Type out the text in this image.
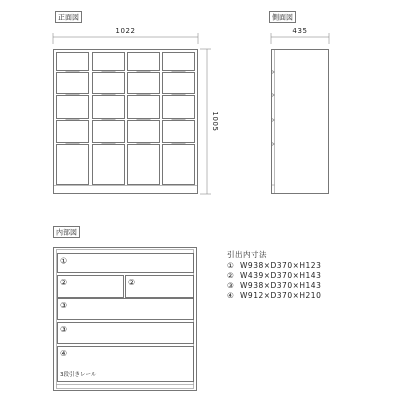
正面図
1022
1005
側面図
435
内部図
①
②	②
③
③
④
3段引きレール
引出内寸法
① W938×D370×H123
② W439×D370×H143
③ W938×D370×H143
④ W912×D370×H210
